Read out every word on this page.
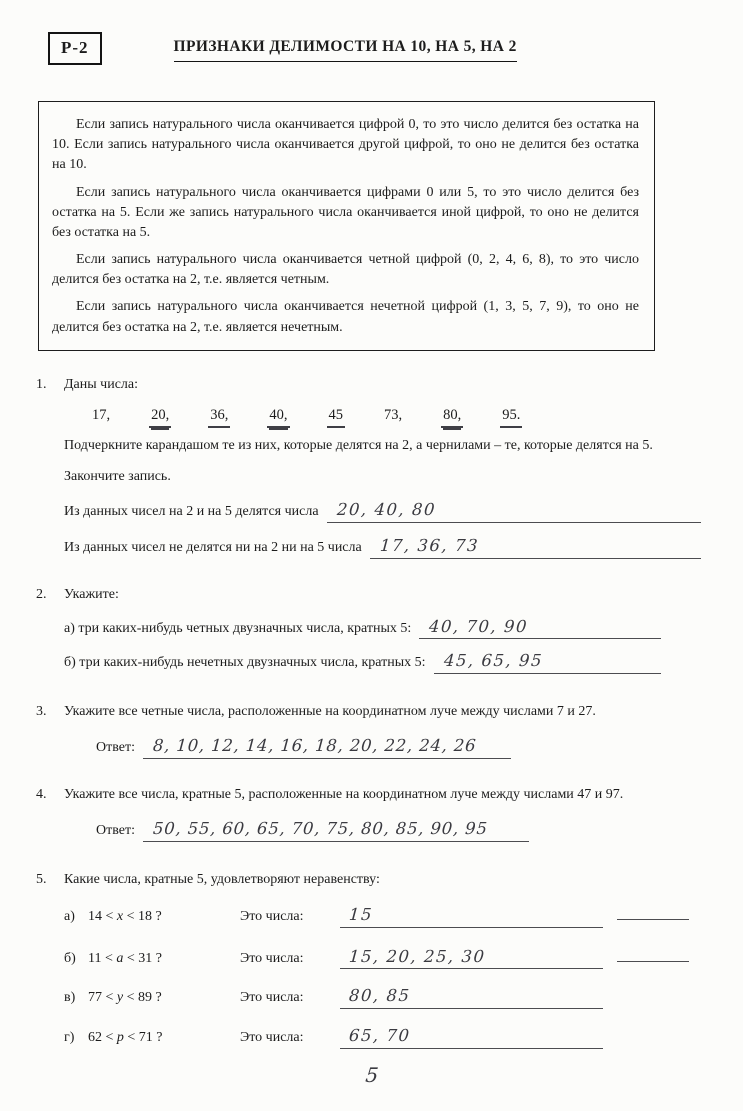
Р-2	ПРИЗНАКИ ДЕЛИМОСТИ НА 10, НА 5, НА 2

Если запись натурального числа оканчивается цифрой 0, то это число делится без остатка на 10. Если запись натурального числа оканчивается другой цифрой, то оно не делится без остатка на 10.

Если запись натурального числа оканчивается цифрами 0 или 5, то это число делится без остатка на 5. Если же запись натурального числа оканчивается иной цифрой, то оно не делится без остатка на 5.

Если запись натурального числа оканчивается четной цифрой (0, 2, 4, 6, 8), то это число делится без остатка на 2, т.е. является четным.

Если запись натурального числа оканчивается нечетной цифрой (1, 3, 5, 7, 9), то оно не делится без остатка на 2, т.е. является нечетным.

1.	Даны числа:

17,	20,	36,	40,	45	73,	80,	95.

Подчеркните карандашом те из них, которые делятся на 2, а чернилами – те, которые делятся на 5.

Закончите запись.

Из данных чисел на 2 и на 5 делятся числа	20, 40, 80
Из данных чисел не делятся ни на 2 ни на 5 числа	17, 36, 73
2.	Укажите:

а) три каких-нибудь четных двузначных числа, кратных 5:	40, 70, 90
б) три каких-нибудь нечетных двузначных числа, кратных 5:	45, 65, 95
3.	Укажите все четные числа, расположенные на координатном луче между числами 7 и 27.

Ответ:	8, 10, 12, 14, 16, 18, 20, 22, 24, 26
4.	Укажите все числа, кратные 5, расположенные на координатном луче между числами 47 и 97.

Ответ:	50, 55, 60, 65, 70, 75, 80, 85, 90, 95
5.	Какие числа, кратные 5, удовлетворяют неравенству:

а) 14 < x < 18 ?	Это числа:	15
б) 11 < a < 31 ?	Это числа:	15, 20, 25, 30
в) 77 < y < 89 ?	Это числа:	80, 85
г) 62 < p < 71 ?	Это числа:	65, 70
5
